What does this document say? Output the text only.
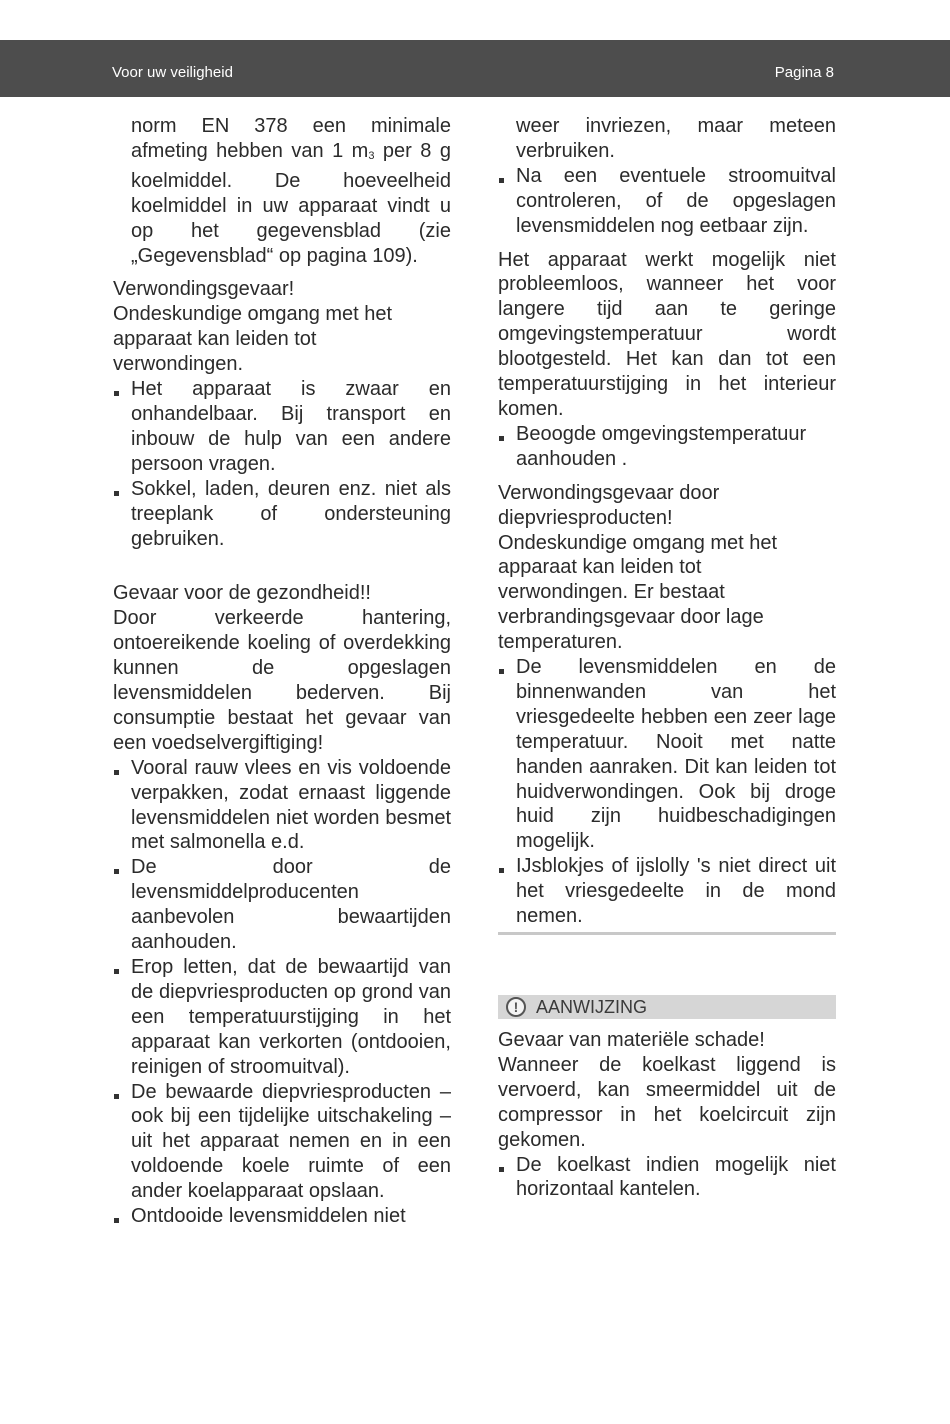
Voor uw veiligheid	Pagina 8

norm EN 378 een minimale afmeting hebben van 1 $m_3$ per 8 g koelmiddel. De hoeveelheid koelmiddel in uw apparaat vindt u op het gegevensblad (zie „Gegevensblad“ op pagina 109).

Verwondingsgevaar!

Ondeskundige omgang met het apparaat kan leiden tot verwondingen.

Het apparaat is zwaar en onhandelbaar. Bij transport en inbouw de hulp van een andere persoon vragen.
Sokkel, laden, deuren enz. niet als treeplank of ondersteuning gebruiken.

Gevaar voor de gezondheid!!

Door verkeerde hantering, ontoereikende koeling of overdekking kunnen de opgeslagen levensmiddelen bederven. Bij consumptie bestaat het gevaar van een voedselvergiftiging!

Vooral rauw vlees en vis voldoende verpakken, zodat ernaast liggende levensmiddelen niet worden besmet met salmonella e.d.
De door de levensmiddelproducenten aanbevolen bewaartijden aanhouden.
Erop letten, dat de bewaartijd van de diepvriesproducten op grond van een temperatuurstijging in het apparaat kan verkorten (ontdooien, reinigen of stroomuitval).
De bewaarde diepvriesproducten – ook bij een tijdelijke uitschakeling – uit het apparaat nemen en in een voldoende koele ruimte of een ander koelapparaat opslaan.
Ontdooide levensmiddelen niet

weer invriezen, maar meteen verbruiken.

Na een eventuele stroomuitval controleren, of de opgeslagen levensmiddelen nog eetbaar zijn.

Het apparaat werkt mogelijk niet probleemloos, wanneer het voor langere tijd aan te geringe omgevingstemperatuur wordt blootgesteld. Het kan dan tot een temperatuurstijging in het interieur komen.

Beoogde omgevingstemperatuur aanhouden .

Verwondingsgevaar door diepvriesproducten!

Ondeskundige omgang met het apparaat kan leiden tot verwondingen. Er bestaat verbrandingsgevaar door lage temperaturen.

De levensmiddelen en de binnenwanden van het vriesgedeelte hebben een zeer lage temperatuur. Nooit met natte handen aanraken. Dit kan leiden tot huidverwondingen. Ook bij droge huid zijn huidbeschadigingen mogelijk.
IJsblokjes of ijslolly 's niet direct uit het vriesgedeelte in de mond nemen.
! AANWIJZING

Gevaar van materiële schade!

Wanneer de koelkast liggend is vervoerd, kan smeermiddel uit de compressor in het koelcircuit zijn gekomen.

De koelkast indien mogelijk niet horizontaal kantelen.
